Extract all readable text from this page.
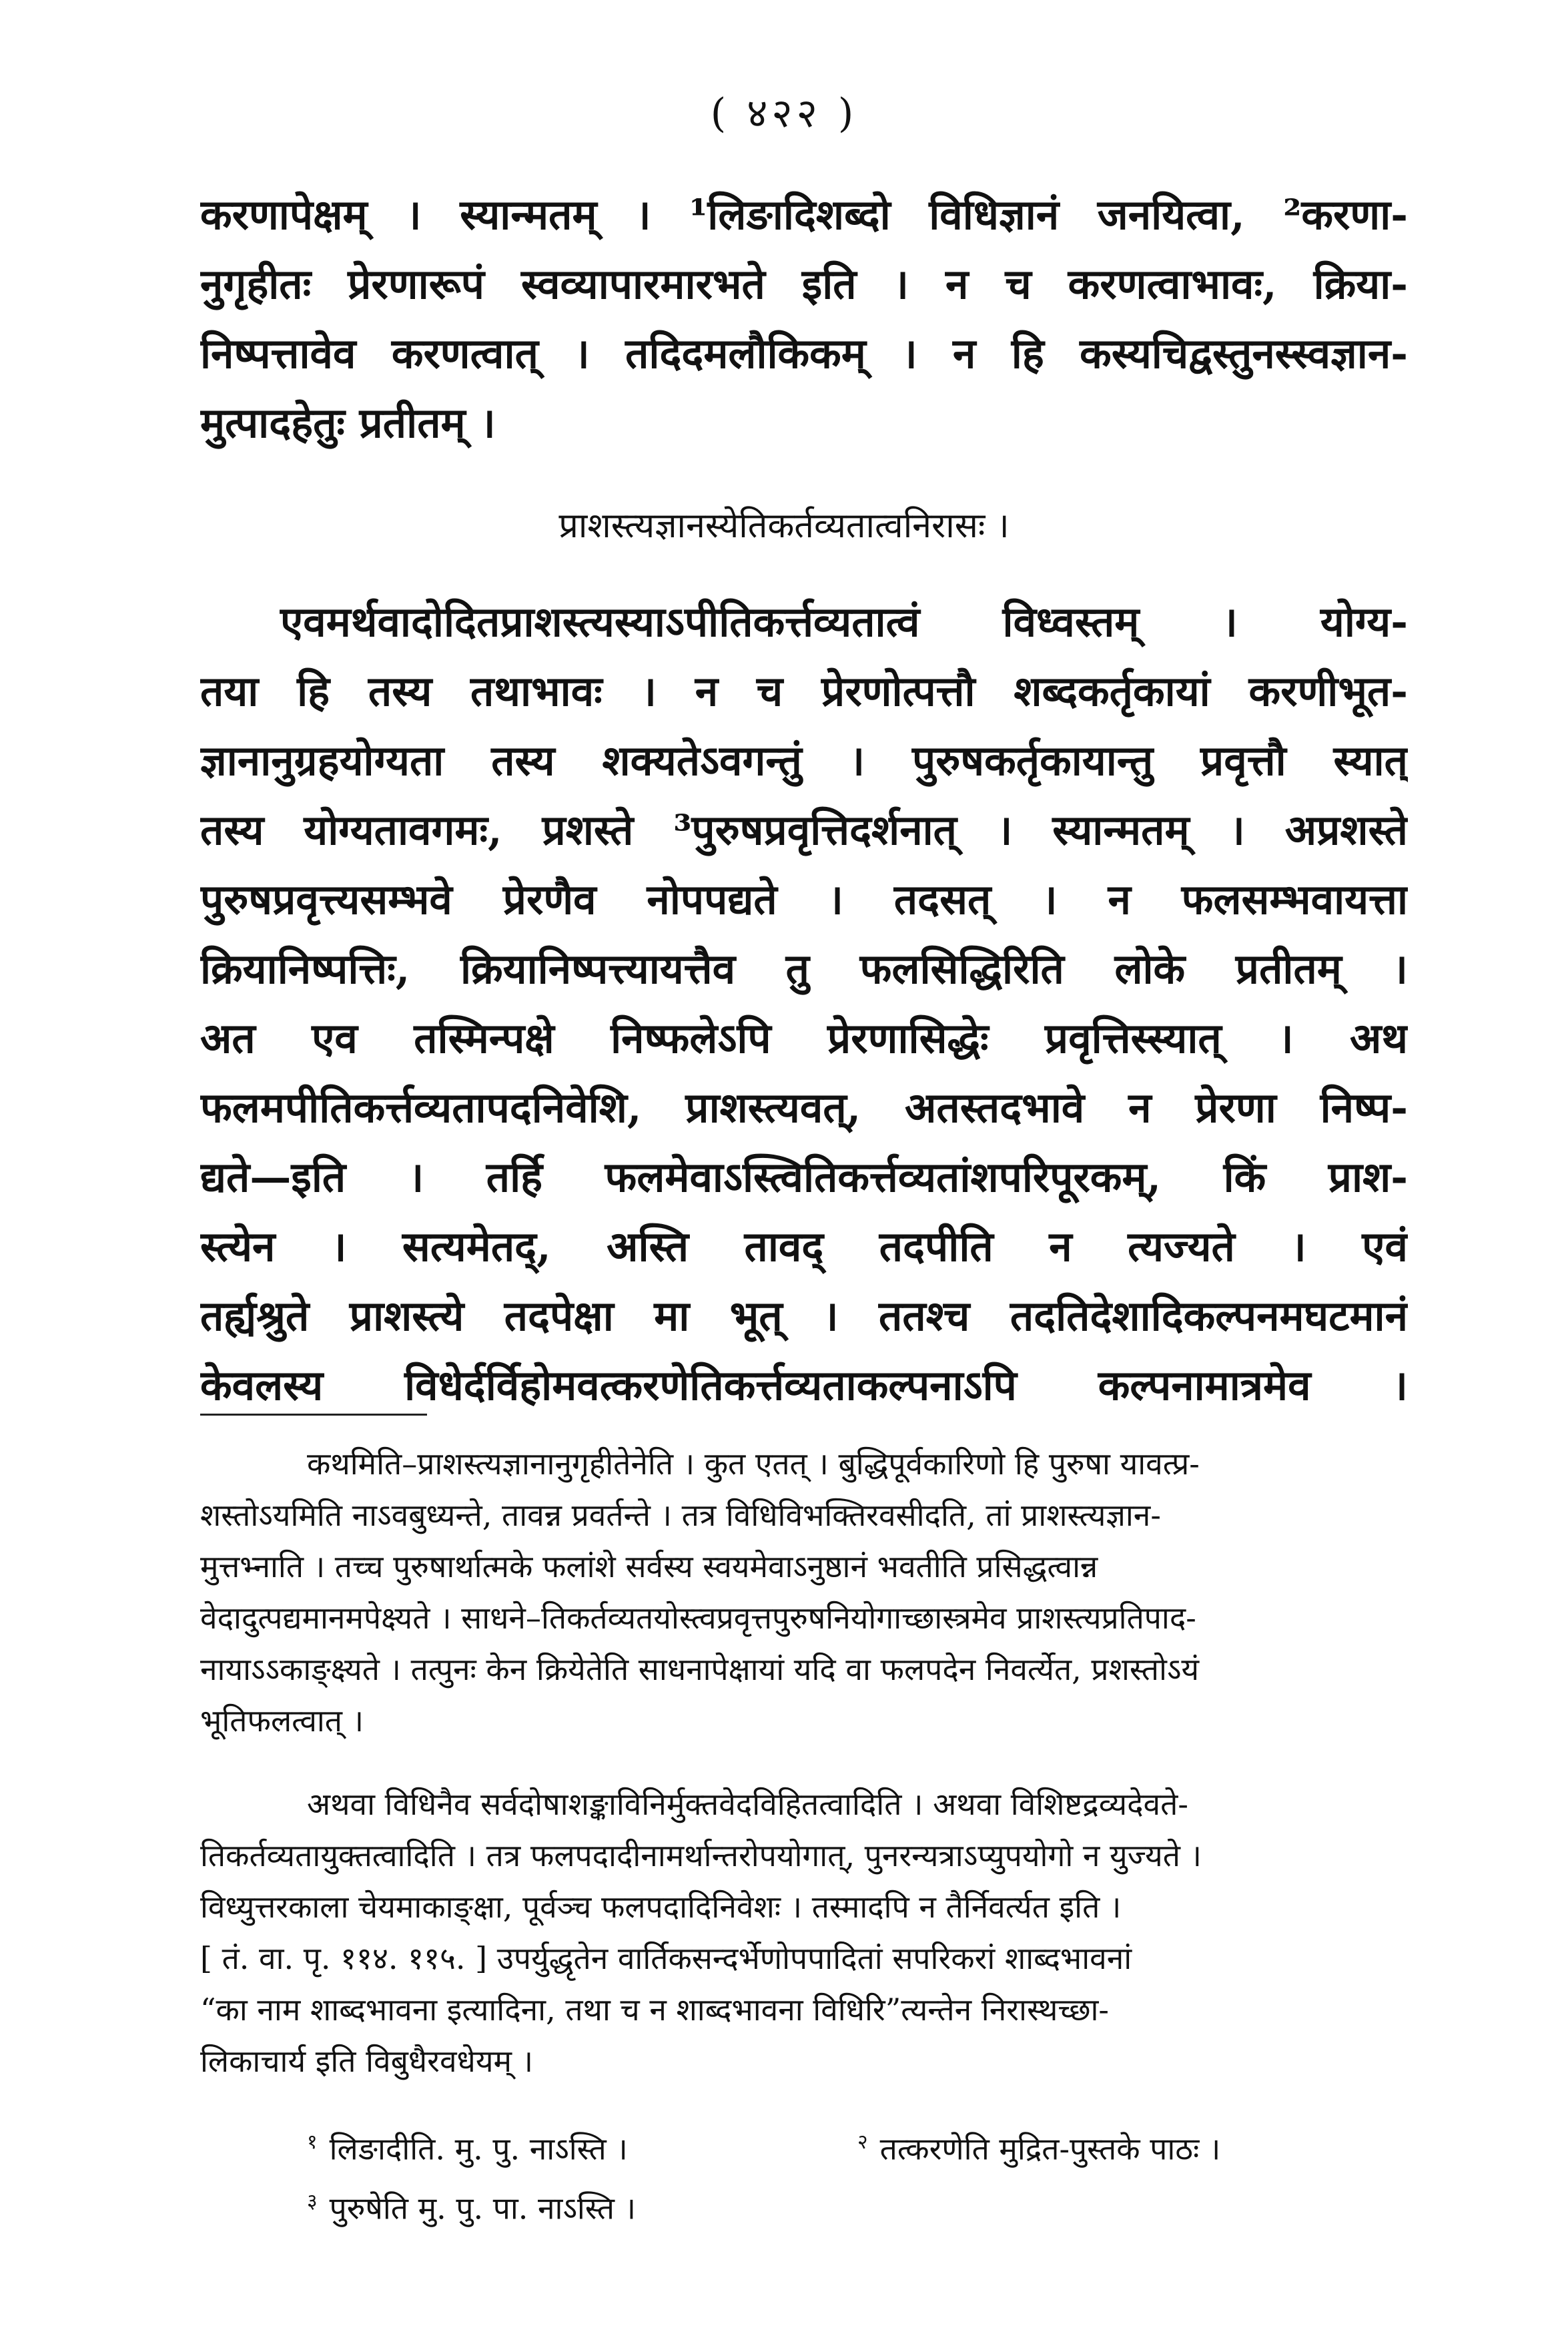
( ४२२ )
करणापेक्षम् । स्यान्मतम् । ¹लिङादिशब्दो विधिज्ञानं जनयित्वा, ²करणा-
नुगृहीतः प्रेरणारूपं स्वव्यापारमारभते इति । न च करणत्वाभावः, क्रिया-
निष्पत्तावेव करणत्वात् । तदिदमलौकिकम् । न हि कस्यचिद्वस्तुनस्स्वज्ञान-
मुत्पादहेतुः प्रतीतम् ।
प्राशस्त्यज्ञानस्येतिकर्तव्यतात्वनिरासः ।
एवमर्थवादोदितप्राशस्त्यस्याऽपीतिकर्त्तव्यतात्वं विध्वस्तम् । योग्य-
तया हि तस्य तथाभावः । न च प्रेरणोत्पत्तौ शब्दकर्तृकायां करणीभूत-
ज्ञानानुग्रहयोग्यता तस्य शक्यतेऽवगन्तुं । पुरुषकर्तृकायान्तु प्रवृत्तौ स्यात्
तस्य योग्यतावगमः, प्रशस्ते ³पुरुषप्रवृत्तिदर्शनात् । स्यान्मतम् । अप्रशस्ते
पुरुषप्रवृत्त्यसम्भवे प्रेरणैव नोपपद्यते । तदसत् । न फलसम्भवायत्ता
क्रियानिष्पत्तिः, क्रियानिष्पत्त्यायत्तैव तु फलसिद्धिरिति लोके प्रतीतम् ।
अत एव तस्मिन्पक्षे निष्फलेऽपि प्रेरणासिद्धेः प्रवृत्तिस्स्यात् । अथ
फलमपीतिकर्त्तव्यतापदनिवेशि, प्राशस्त्यवत्, अतस्तदभावे न प्रेरणा निष्प-
द्यते—इति । तर्हि फलमेवाऽस्त्वितिकर्त्तव्यतांशपरिपूरकम्, किं प्राश-
स्त्येन । सत्यमेतद्, अस्ति तावद् तदपीति न त्यज्यते । एवं
तर्ह्यश्रुते प्राशस्त्ये तदपेक्षा मा भूत् । ततश्च तदतिदेशादिकल्पनमघटमानं
केवलस्य विधेर्दर्विहोमवत्करणेतिकर्त्तव्यताकल्पनाऽपि कल्पनामात्रमेव ।
कथमिति–प्राशस्त्यज्ञानानुगृहीतेनेति । कुत एतत् । बुद्धिपूर्वकारिणो हि पुरुषा यावत्प्र-
शस्तोऽयमिति नाऽवबुध्यन्ते, तावन्न प्रवर्तन्ते । तत्र विधिविभक्तिरवसीदति, तां प्राशस्त्यज्ञान-
मुत्तभ्नाति । तच्च पुरुषार्थात्मके फलांशे सर्वस्य स्वयमेवाऽनुष्ठानं भवतीति प्रसिद्धत्वान्न
वेदादुत्पद्यमानमपेक्ष्यते । साधने–तिकर्तव्यतयोस्त्वप्रवृत्तपुरुषनियोगाच्छास्त्रमेव प्राशस्त्यप्रतिपाद-
नायाऽऽकाङ्क्ष्यते । तत्पुनः केन क्रियेतेति साधनापेक्षायां यदि वा फलपदेन निवर्त्येत, प्रशस्तोऽयं
भूतिफलत्वात् ।
अथवा विधिनैव सर्वदोषाशङ्काविनिर्मुक्तवेदविहितत्वादिति । अथवा विशिष्टद्रव्यदेवते-
तिकर्तव्यतायुक्तत्वादिति । तत्र फलपदादीनामर्थान्तरोपयोगात्, पुनरन्यत्राऽप्युपयोगो न युज्यते ।
विध्युत्तरकाला चेयमाकाङ्क्षा, पूर्वञ्च फलपदादिनिवेशः । तस्मादपि न तैर्निवर्त्यत इति ।
[ तं. वा. पृ. ११४. ११५. ] उपर्युद्धृतेन वार्तिकसन्दर्भेणोपपादितां सपरिकरां शाब्दभावनां
“का नाम शाब्दभावना इत्यादिना, तथा च न शाब्दभावना विधिरि”त्यन्तेन निरास्थच्छा-
लिकाचार्य इति विबुधैरवधेयम् ।
$^१$ लिङादीति. मु. पु. नाऽस्ति ।	$^२$ तत्करणेति मुद्रित-पुस्तके पाठः ।
$^३$ पुरुषेति मु. पु. पा. नाऽस्ति ।
